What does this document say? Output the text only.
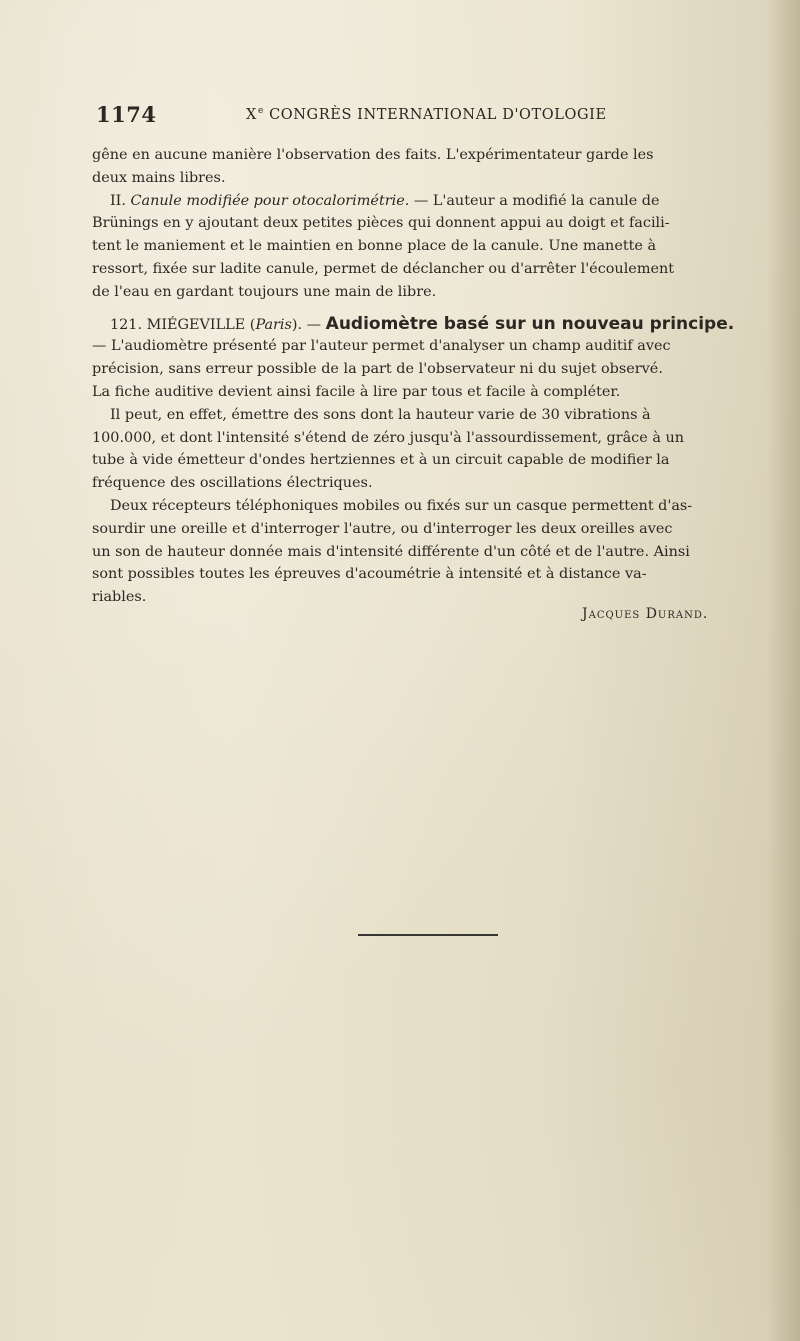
1174	Xe CONGRÈS INTERNATIONAL D'OTOLOGIE
gêne en aucune manière l'observation des faits. L'expérimentateur garde les
deux mains libres.
II. Canule modifiée pour otocalorimétrie. — L'auteur a modifié la canule de
Brünings en y ajoutant deux petites pièces qui donnent appui au doigt et facili-
tent le maniement et le maintien en bonne place de la canule. Une manette à
ressort, fixée sur ladite canule, permet de déclancher ou d'arrêter l'écoulement
de l'eau en gardant toujours une main de libre.
121. MIÉGEVILLE (Paris). — Audiomètre basé sur un nouveau principe.
— L'audiomètre présenté par l'auteur permet d'analyser un champ auditif avec
précision, sans erreur possible de la part de l'observateur ni du sujet observé.
La fiche auditive devient ainsi facile à lire par tous et facile à compléter.
Il peut, en effet, émettre des sons dont la hauteur varie de 30 vibrations à
100.000, et dont l'intensité s'étend de zéro jusqu'à l'assourdissement, grâce à un
tube à vide émetteur d'ondes hertziennes et à un circuit capable de modifier la
fréquence des oscillations électriques.
Deux récepteurs téléphoniques mobiles ou fixés sur un casque permettent d'as-
sourdir une oreille et d'interroger l'autre, ou d'interroger les deux oreilles avec
un son de hauteur donnée mais d'intensité différente d'un côté et de l'autre. Ainsi
sont possibles toutes les épreuves d'acoumétrie à intensité et à distance va-
riables.
Jacques Durand.
